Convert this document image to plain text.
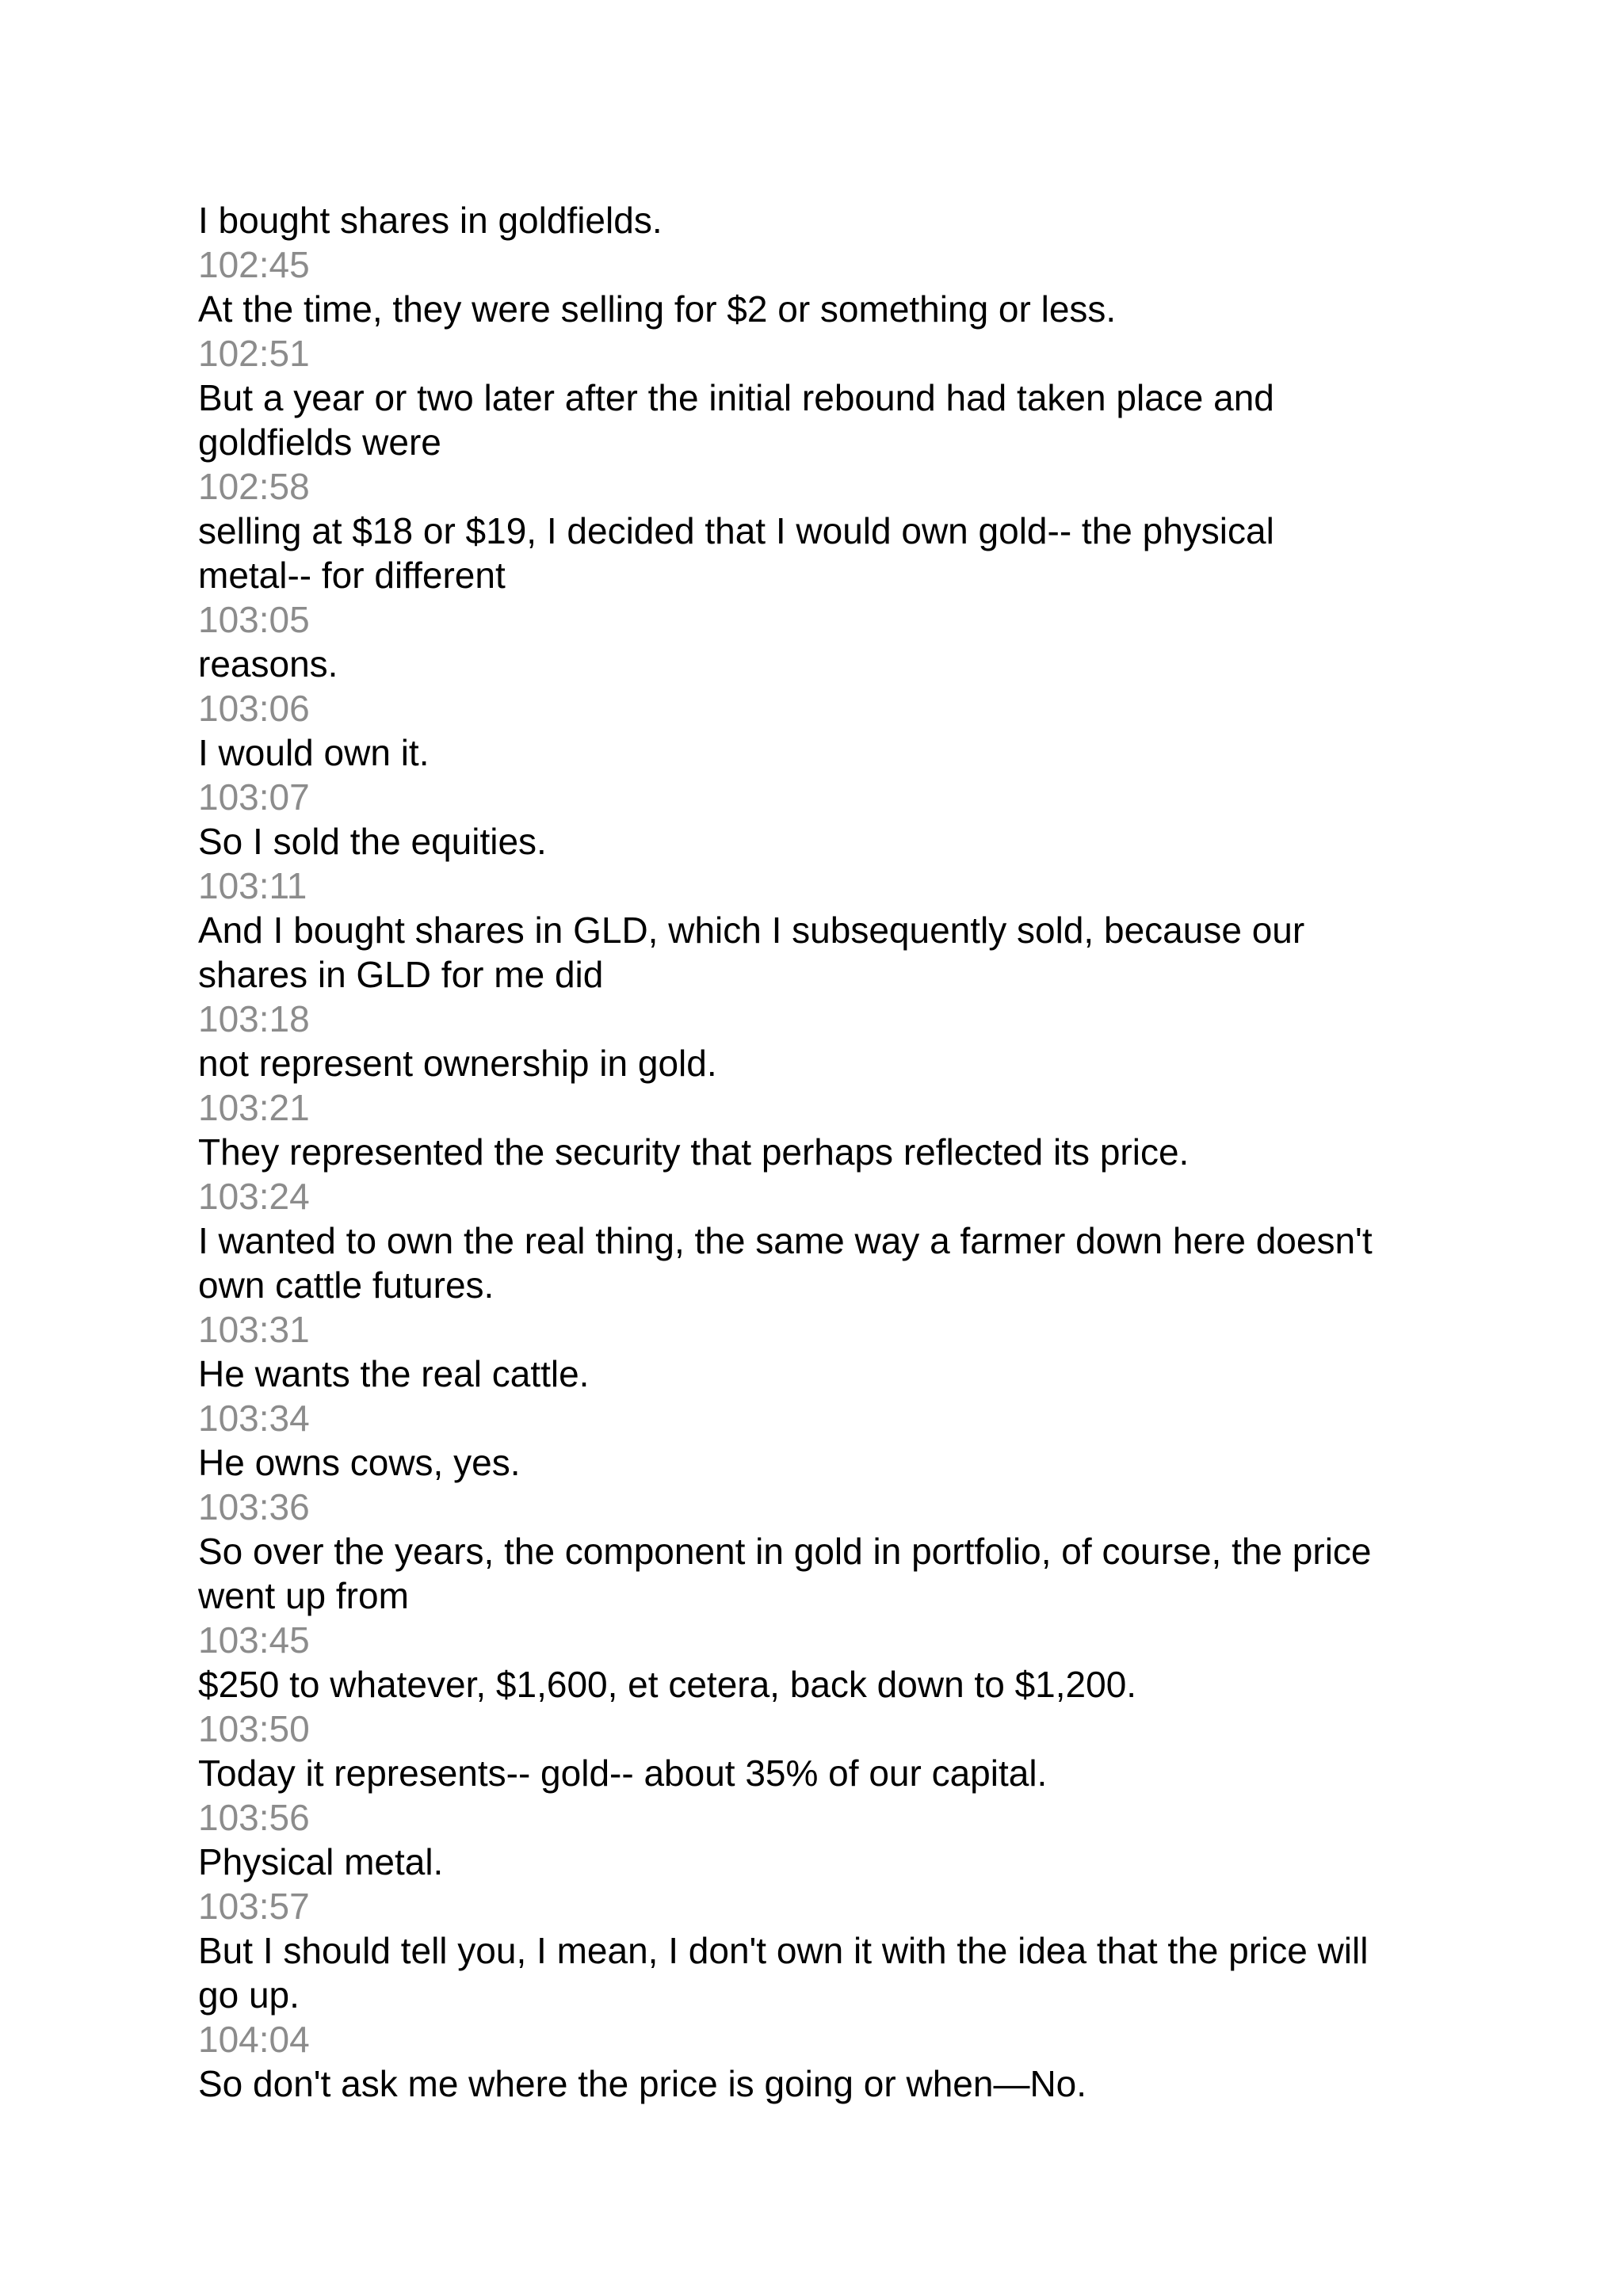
I bought shares in goldfields.
102:45
At the time, they were selling for $2 or something or less.
102:51
But a year or two later after the initial rebound had taken place and
goldfields were
102:58
selling at $18 or $19, I decided that I would own gold-- the physical
metal-- for different
103:05
reasons.
103:06
I would own it.
103:07
So I sold the equities.
103:11
And I bought shares in GLD, which I subsequently sold, because our
shares in GLD for me did
103:18
not represent ownership in gold.
103:21
They represented the security that perhaps reflected its price.
103:24
I wanted to own the real thing, the same way a farmer down here doesn't
own cattle futures.
103:31
He wants the real cattle.
103:34
He owns cows, yes.
103:36
So over the years, the component in gold in portfolio, of course, the price
went up from
103:45
$250 to whatever, $1,600, et cetera, back down to $1,200.
103:50
Today it represents-- gold-- about 35% of our capital.
103:56
Physical metal.
103:57
But I should tell you, I mean, I don't own it with the idea that the price will
go up.
104:04
So don't ask me where the price is going or when—No.
